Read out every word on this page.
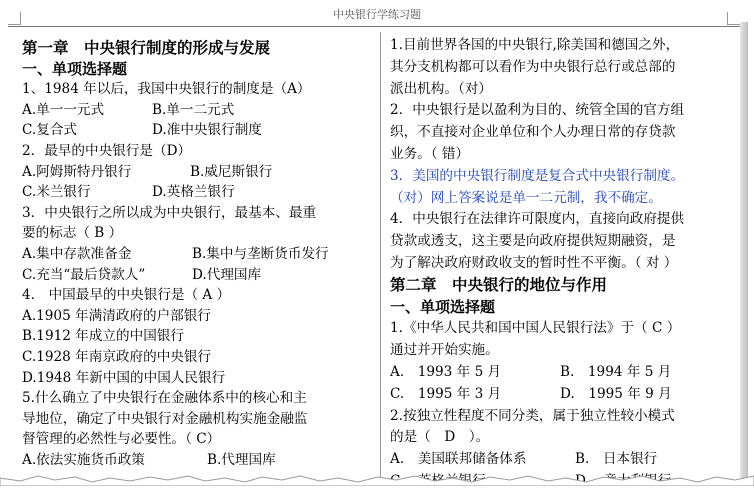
中央银行学练习题
第一章　中央银行制度的形成与发展
一、单项选择题
1、1984 年以后，我国中央银行的制度是（A）
A.单一一元式	B.单一二元式
C.复合式	D.准中央银行制度
2．最早的中央银行是（D）
A.阿姆斯特丹银行	B.威尼斯银行
C.米兰银行	D.英格兰银行
3．中央银行之所以成为中央银行，最基本、最重
要的标志（ B ）
A.集中存款准备金	B.集中与垄断货币发行
C.充当“最后贷款人”	D.代理国库
4． 中国最早的中央银行是（ A ）
A.1905 年满清政府的户部银行
B.1912 年成立的中国银行
C.1928 年南京政府的中央银行
D.1948 年新中国的中国人民银行
5.什么确立了中央银行在金融体系中的核心和主
导地位，确定了中央银行对金融机构实施金融监
督管理的必然性与必要性。（ C）
A.依法实施货币政策	B.代理国库
1.目前世界各国的中央银行,除美国和德国之外，
其分支机构都可以看作为中央银行总行或总部的
派出机构。（对）
2．中央银行是以盈利为目的、统管全国的官方组
织，不直接对企业单位和个人办理日常的存贷款
业务。（ 错）
3．美国的中央银行制度是复合式中央银行制度。
（对）网上答案说是单一二元制，我不确定。
4．中央银行在法律许可限度内，直接向政府提供
贷款或透支，这主要是向政府提供短期融资，是
为了解决政府财政收支的暂时性不平衡。（ 对 ）
第二章　中央银行的地位与作用
一、单项选择题
1.《中华人民共和国中国人民银行法》于（ C ）
通过并开始实施。
A.　1993 年 5 月	B.　1994 年 5 月
C.　1995 年 3 月	D.　1995 年 9 月
2.按独立性程度不同分类，属于独立性较小模式
的是（　D　）。
A.　美国联邦储备体系	B.　日本银行
